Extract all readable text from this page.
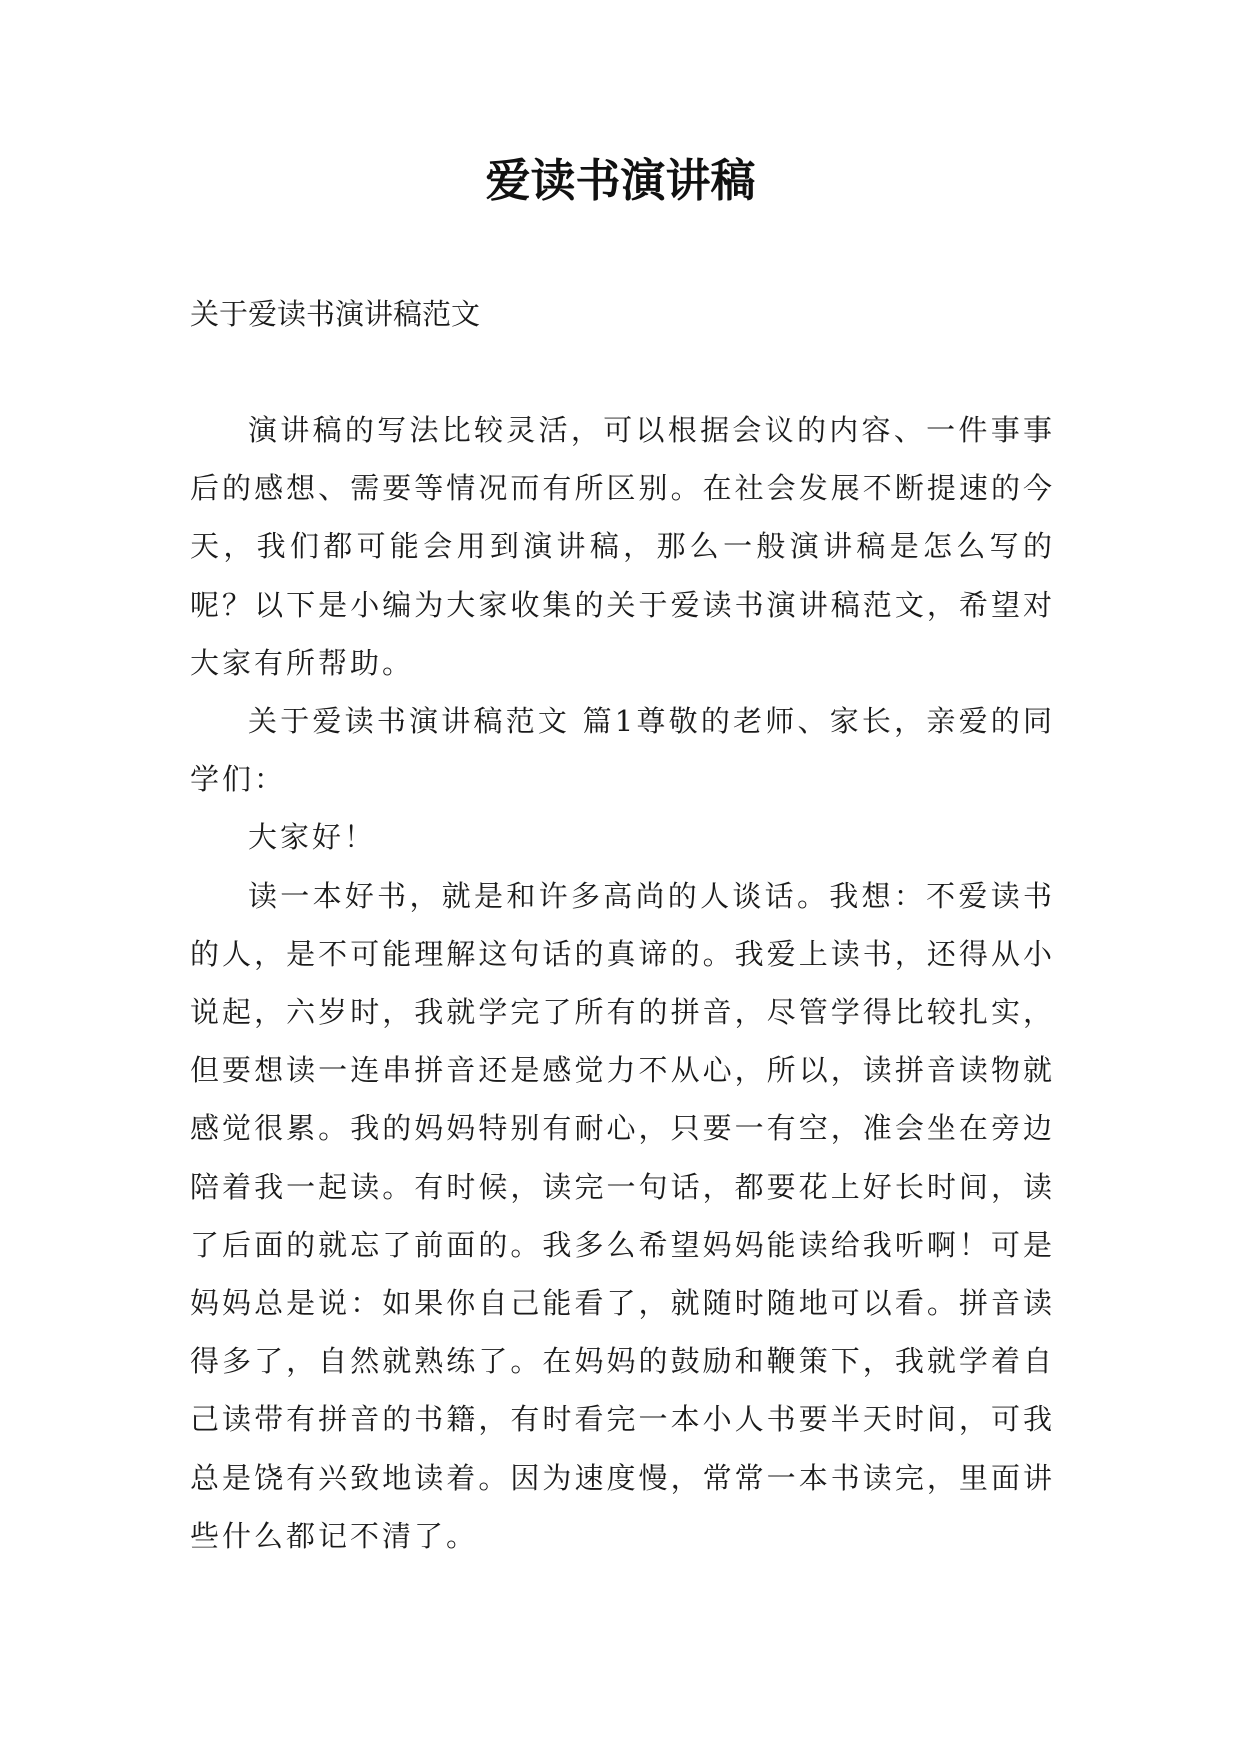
爱读书演讲稿

关于爱读书演讲稿范文

演讲稿的写法比较灵活，可以根据会议的内容、一件事事后的感想、需要等情况而有所区别。在社会发展不断提速的今天，我们都可能会用到演讲稿，那么一般演讲稿是怎么写的呢？以下是小编为大家收集的关于爱读书演讲稿范文，希望对大家有所帮助。

关于爱读书演讲稿范文 篇1尊敬的老师、家长，亲爱的同学们：

大家好！

读一本好书，就是和许多高尚的人谈话。我想：不爱读书的人，是不可能理解这句话的真谛的。我爱上读书，还得从小说起，六岁时，我就学完了所有的拼音，尽管学得比较扎实，但要想读一连串拼音还是感觉力不从心，所以，读拼音读物就感觉很累。我的妈妈特别有耐心，只要一有空，准会坐在旁边陪着我一起读。有时候，读完一句话，都要花上好长时间，读了后面的就忘了前面的。我多么希望妈妈能读给我听啊！可是妈妈总是说：如果你自己能看了，就随时随地可以看。拼音读得多了，自然就熟练了。在妈妈的鼓励和鞭策下，我就学着自己读带有拼音的书籍，有时看完一本小人书要半天时间，可我总是饶有兴致地读着。因为速度慢，常常一本书读完，里面讲些什么都记不清了。
